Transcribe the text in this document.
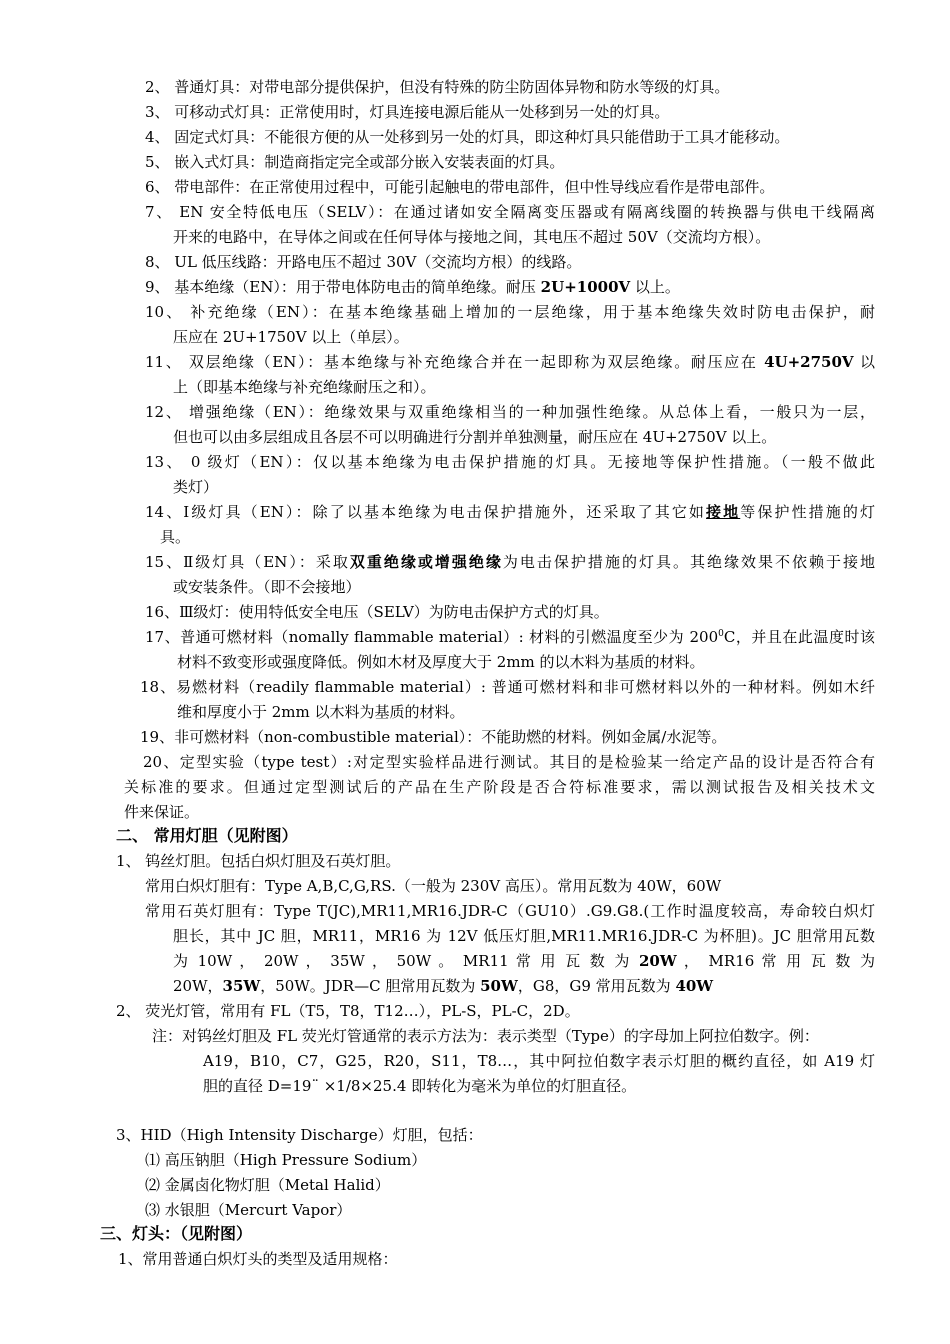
2、 普通灯具：对带电部分提供保护，但没有特殊的防尘防固体异物和防水等级的灯具。
3、 可移动式灯具：正常使用时，灯具连接电源后能从一处移到另一处的灯具。
4、 固定式灯具：不能很方便的从一处移到另一处的灯具，即这种灯具只能借助于工具才能移动。
5、 嵌入式灯具：制造商指定完全或部分嵌入安装表面的灯具。
6、 带电部件：在正常使用过程中，可能引起触电的带电部件，但中性导线应看作是带电部件。
7、 EN 安全特低电压（SELV）：在通过诸如安全隔离变压器或有隔离线圈的转换器与供电干线隔离
开来的电路中，在导体之间或在任何导体与接地之间，其电压不超过 50V（交流均方根）。
8、 UL 低压线路：开路电压不超过 30V（交流均方根）的线路。
9、 基本绝缘（EN）：用于带电体防电击的简单绝缘。耐压 2U+1000V 以上。
10、 补充绝缘（EN）：在基本绝缘基础上增加的一层绝缘，用于基本绝缘失效时防电击保护，耐
压应在 2U+1750V 以上（单层）。
11、 双层绝缘（EN）：基本绝缘与补充绝缘合并在一起即称为双层绝缘。耐压应在 4U+2750V 以
上（即基本绝缘与补充绝缘耐压之和）。
12、 增强绝缘（EN）：绝缘效果与双重绝缘相当的一种加强性绝缘。从总体上看，一般只为一层，
但也可以由多层组成且各层不可以明确进行分割并单独测量，耐压应在 4U+2750V 以上。
13、 0 级灯（EN）：仅以基本绝缘为电击保护措施的灯具。无接地等保护性措施。（一般不做此
类灯）
14、Ⅰ级灯具（EN）：除了以基本绝缘为电击保护措施外，还采取了其它如接地等保护性措施的灯
具。
15、Ⅱ级灯具（EN）：采取双重绝缘或增强绝缘为电击保护措施的灯具。其绝缘效果不依赖于接地
或安装条件。（即不会接地）
16、Ⅲ级灯：使用特低安全电压（SELV）为防电击保护方式的灯具。
17、普通可燃材料（nomally flammable material）: 材料的引燃温度至少为 $200^0C$，并且在此温度时该
材料不致变形或强度降低。例如木材及厚度大于 2mm 的以木料为基质的材料。
18、易燃材料（readily flammable material）: 普通可燃材料和非可燃材料以外的一种材料。例如木纤
维和厚度小于 2mm 以木料为基质的材料。
19、非可燃材料（non-combustible material）：不能助燃的材料。例如金属/水泥等。
20、定型实验（type test）:对定型实验样品进行测试。其目的是检验某一给定产品的设计是否符合有
关标准的要求。但通过定型测试后的产品在生产阶段是否合符标准要求，需以测试报告及相关技术文
件来保证。
二、 常用灯胆（见附图）
1、 钨丝灯胆。包括白炽灯胆及石英灯胆。
常用白炽灯胆有：Type A,B,C,G,RS.（一般为 230V 高压）。常用瓦数为 40W，60W
常用石英灯胆有：Type T(JC),MR11,MR16.JDR-C（GU10）.G9.G8.(工作时温度较高，寿命较白炽灯
胆长，其中 JC 胆，MR11，MR16 为 12V 低压灯胆,MR11.MR16.JDR-C 为杯胆)。JC 胆常用瓦数
为 10W ， 20W ， 35W ， 50W 。 MR11 常 用 瓦 数 为 20W ， MR16 常 用 瓦 数 为
20W，35W，50W。JDR—C 胆常用瓦数为 50W，G8，G9 常用瓦数为 40W
2、 荧光灯管，常用有 FL（T5，T8，T12…），PL-S，PL-C，2D。
注：对钨丝灯胆及 FL 荧光灯管通常的表示方法为：表示类型（Type）的字母加上阿拉伯数字。例：
A19，B10，C7，G25，R20，S11，T8…，其中阿拉伯数字表示灯胆的概约直径，如 A19 灯
胆的直径 D=19¨ ×1/8×25.4 即转化为毫米为单位的灯胆直径。
3、HID（High Intensity Discharge）灯胆，包括：
⑴ 高压钠胆（High Pressure Sodium）
⑵ 金属卤化物灯胆（Metal Halid）
⑶ 水银胆（Mercurt Vapor）
三、灯头：（见附图）
1、常用普通白炽灯头的类型及适用规格：
